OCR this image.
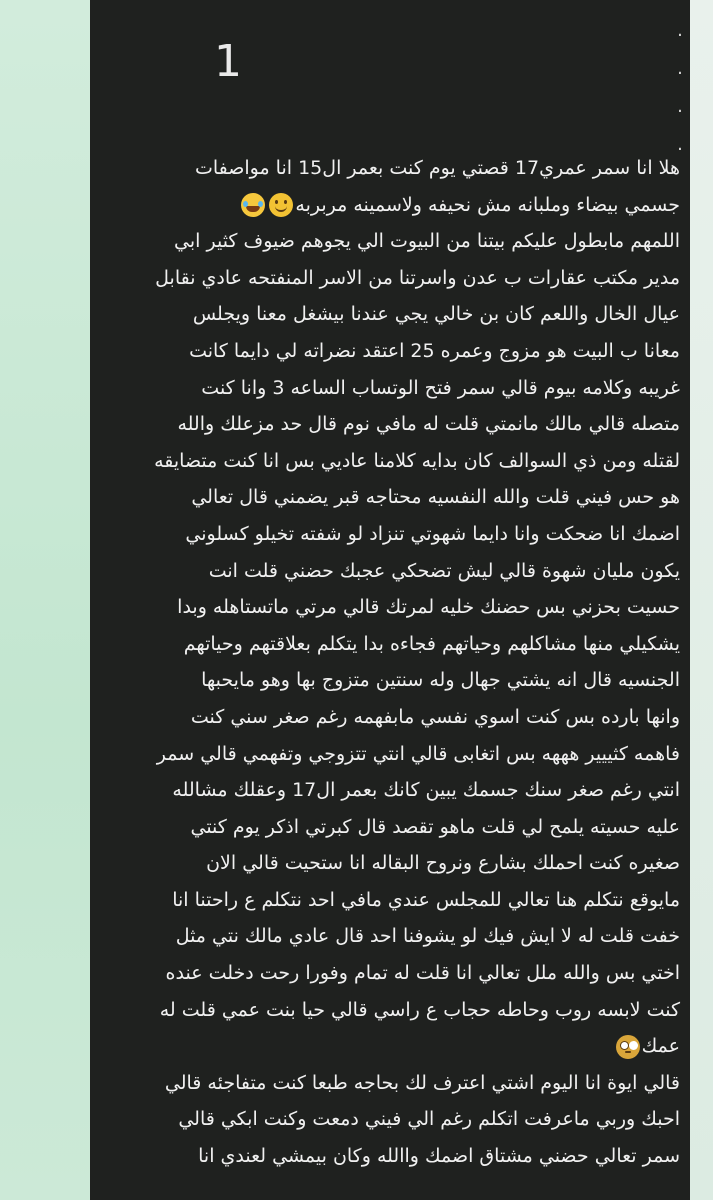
1
.
.
.
.
هلا انا سمر عمري17 قصتي يوم كنت بعمر ال15 انا مواصفات
جسمي بيضاء وملبانه مش نحيفه ولاسمينه مربربه
اللمهم مابطول عليكم بيتنا من البيوت الي يجوهم ضيوف كثير ابي
مدير مكتب عقارات ب عدن واسرتنا من الاسر المنفتحه عادي نقابل
عيال الخال واللعم كان بن خالي يجي عندنا بيشغل معنا ويجلس
معانا ب البيت هو مزوج وعمره 25 اعتقد نضراته لي دايما كانت
غريبه وكلامه بيوم قالي سمر فتح الوتساب الساعه 3 وانا كنت
متصله قالي مالك مانمتي قلت له مافي نوم قال حد مزعلك والله
لقتله ومن ذي السوالف كان بدايه كلامنا عاديي بس انا كنت متضايقه
هو حس فيني قلت والله النفسيه محتاجه قبر يضمني قال تعالي
اضمك انا ضحكت وانا دايما شهوتي تنزاد لو شفته تخيلو كسلوني
يكون مليان شهوة قالي ليش تضحكي عجبك حضني قلت انت
حسيت بحزني بس حضنك خليه لمرتك قالي مرتي ماتستاهله وبدا
يشكيلي منها مشاكلهم وحياتهم فجاءه بدا يتكلم بعلاقتهم وحياتهم
الجنسيه قال انه يشتي جهال وله سنتين متزوج بها وهو مايحبها
وانها بارده بس كنت اسوي نفسي مابفهمه رغم صغر سني كنت
فاهمه كثييير هههه بس اتغابى قالي انتي تتزوجي وتفهمي قالي سمر
انتي رغم صغر سنك جسمك يبين كانك بعمر ال17 وعقلك مشالله
عليه حسيته يلمح لي قلت ماهو تقصد قال كبرتي اذكر يوم كنتي
صغيره كنت احملك بشارع ونروح البقاله انا ستحيت قالي الان
مايوقع نتكلم هنا تعالي للمجلس عندي مافي احد نتكلم ع راحتنا انا
خفت قلت له لا ايش فيك لو يشوفنا احد قال عادي مالك نتي مثل
اختي بس والله ملل تعالي انا قلت له تمام وفورا رحت دخلت عنده
كنت لابسه روب وحاطه حجاب ع راسي قالي حيا بنت عمي قلت له
عمك
قالي ايوة انا اليوم اشتي اعترف لك بحاجه طبعا كنت متفاجئه قالي
احبك وربي ماعرفت اتكلم رغم الي فيني دمعت وكنت ابكي قالي
سمر تعالي حضني مشتاق اضمك واالله وكان بيمشي لعندي انا
